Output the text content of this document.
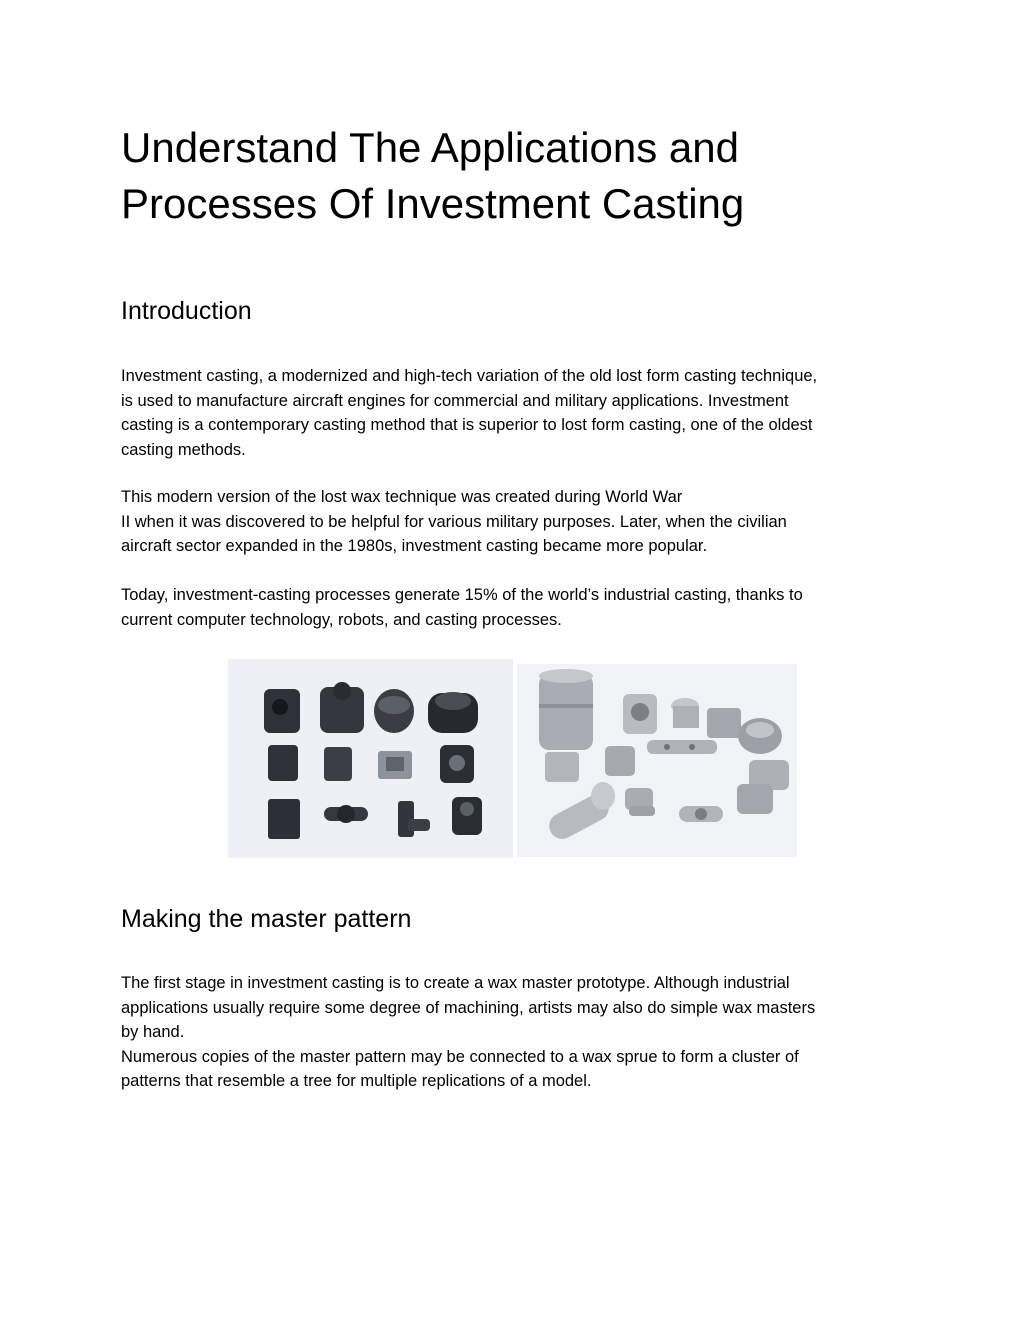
Understand The Applications and
Processes Of Investment Casting
Introduction

Investment casting, a modernized and high-tech variation of the old lost form casting technique,
is used to manufacture aircraft engines for commercial and military applications. Investment
casting is a contemporary casting method that is superior to lost form casting, one of the oldest
casting methods.

This modern version of the lost wax technique was created during World War
II when it was discovered to be helpful for various military purposes. Later, when the civilian
aircraft sector expanded in the 1980s, investment casting became more popular.

Today, investment-casting processes generate 15% of the world’s industrial casting, thanks to
current computer technology, robots, and casting processes.

Making the master pattern

The first stage in investment casting is to create a wax master prototype. Although industrial
applications usually require some degree of machining, artists may also do simple wax masters
by hand.
Numerous copies of the master pattern may be connected to a wax sprue to form a cluster of
patterns that resemble a tree for multiple replications of a model.
